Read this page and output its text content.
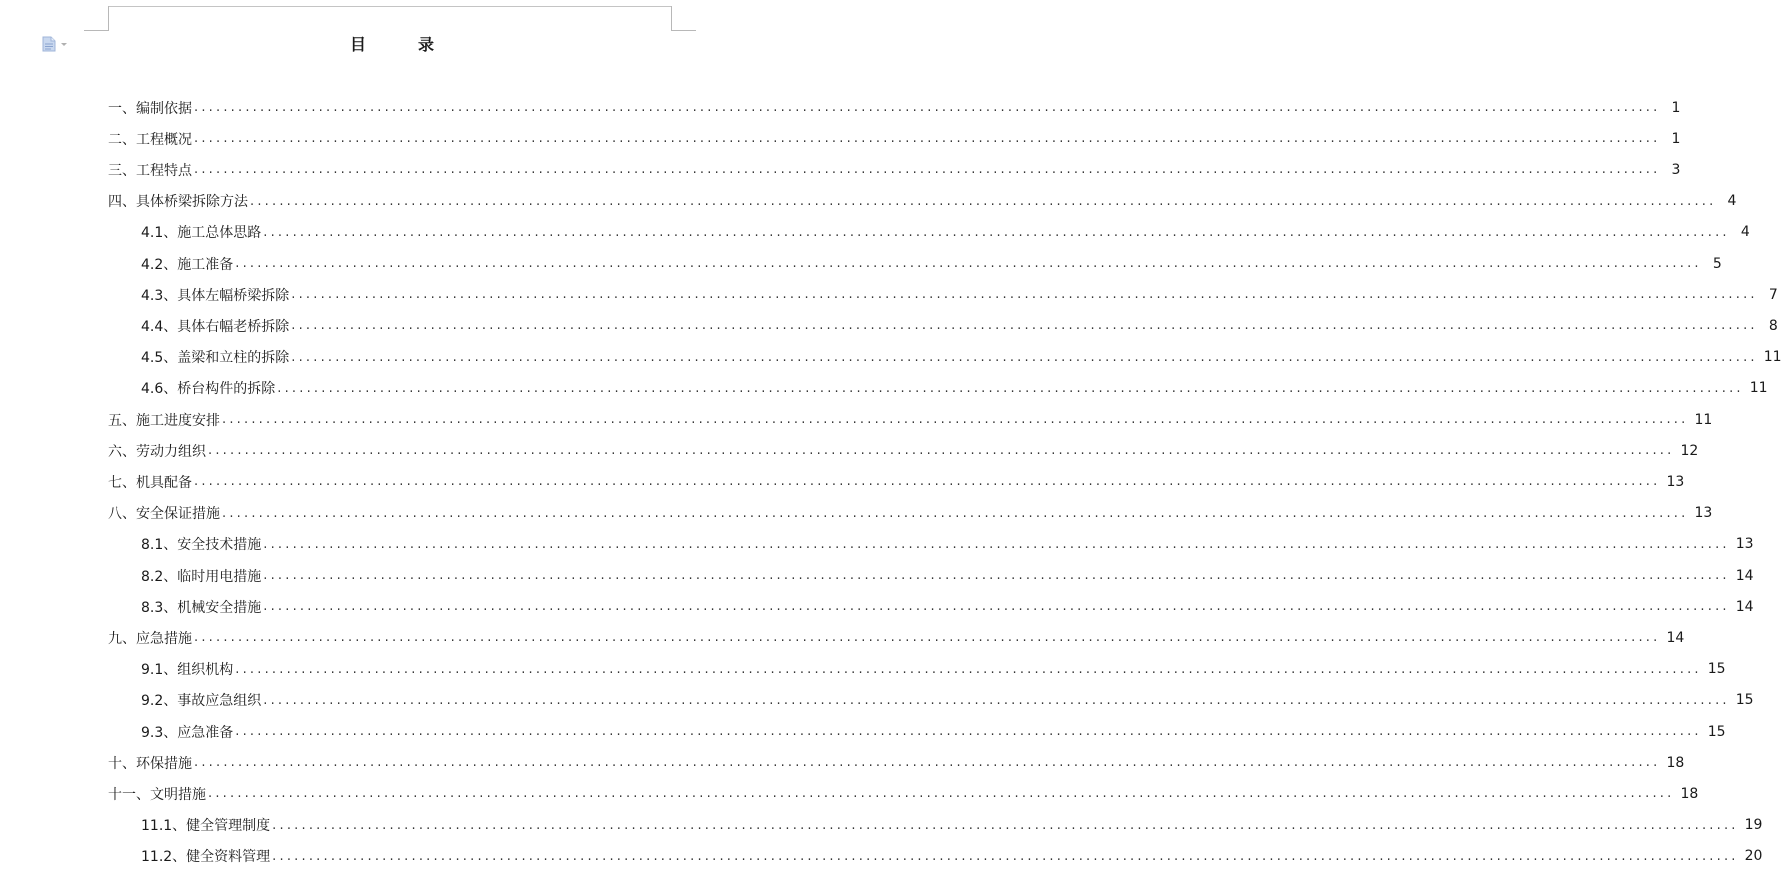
目　录
一、编制依据 ........................................................................................................................................................................................................ 1
二、工程概况 ........................................................................................................................................................................................................ 1
三、工程特点 ........................................................................................................................................................................................................ 3
四、具体桥梁拆除方法 ........................................................................................................................................................................................................ 4
4.1、施工总体思路 ........................................................................................................................................................................................................ 4
4.2、施工准备 ........................................................................................................................................................................................................ 5
4.3、具体左幅桥梁拆除 ........................................................................................................................................................................................................ 7
4.4、具体右幅老桥拆除 ........................................................................................................................................................................................................ 8
4.5、盖梁和立柱的拆除 ........................................................................................................................................................................................................ 11
4.6、桥台构件的拆除 ........................................................................................................................................................................................................ 11
五、施工进度安排 ........................................................................................................................................................................................................ 11
六、劳动力组织 ........................................................................................................................................................................................................ 12
七、机具配备 ........................................................................................................................................................................................................ 13
八、安全保证措施 ........................................................................................................................................................................................................ 13
8.1、安全技术措施 ........................................................................................................................................................................................................ 13
8.2、临时用电措施 ........................................................................................................................................................................................................ 14
8.3、机械安全措施 ........................................................................................................................................................................................................ 14
九、应急措施 ........................................................................................................................................................................................................ 14
9.1、组织机构 ........................................................................................................................................................................................................ 15
9.2、事故应急组织 ........................................................................................................................................................................................................ 15
9.3、应急准备 ........................................................................................................................................................................................................ 15
十、环保措施 ........................................................................................................................................................................................................ 18
十一、文明措施 ........................................................................................................................................................................................................ 18
11.1、健全管理制度 ........................................................................................................................................................................................................ 19
11.2、健全资料管理 ........................................................................................................................................................................................................ 20
